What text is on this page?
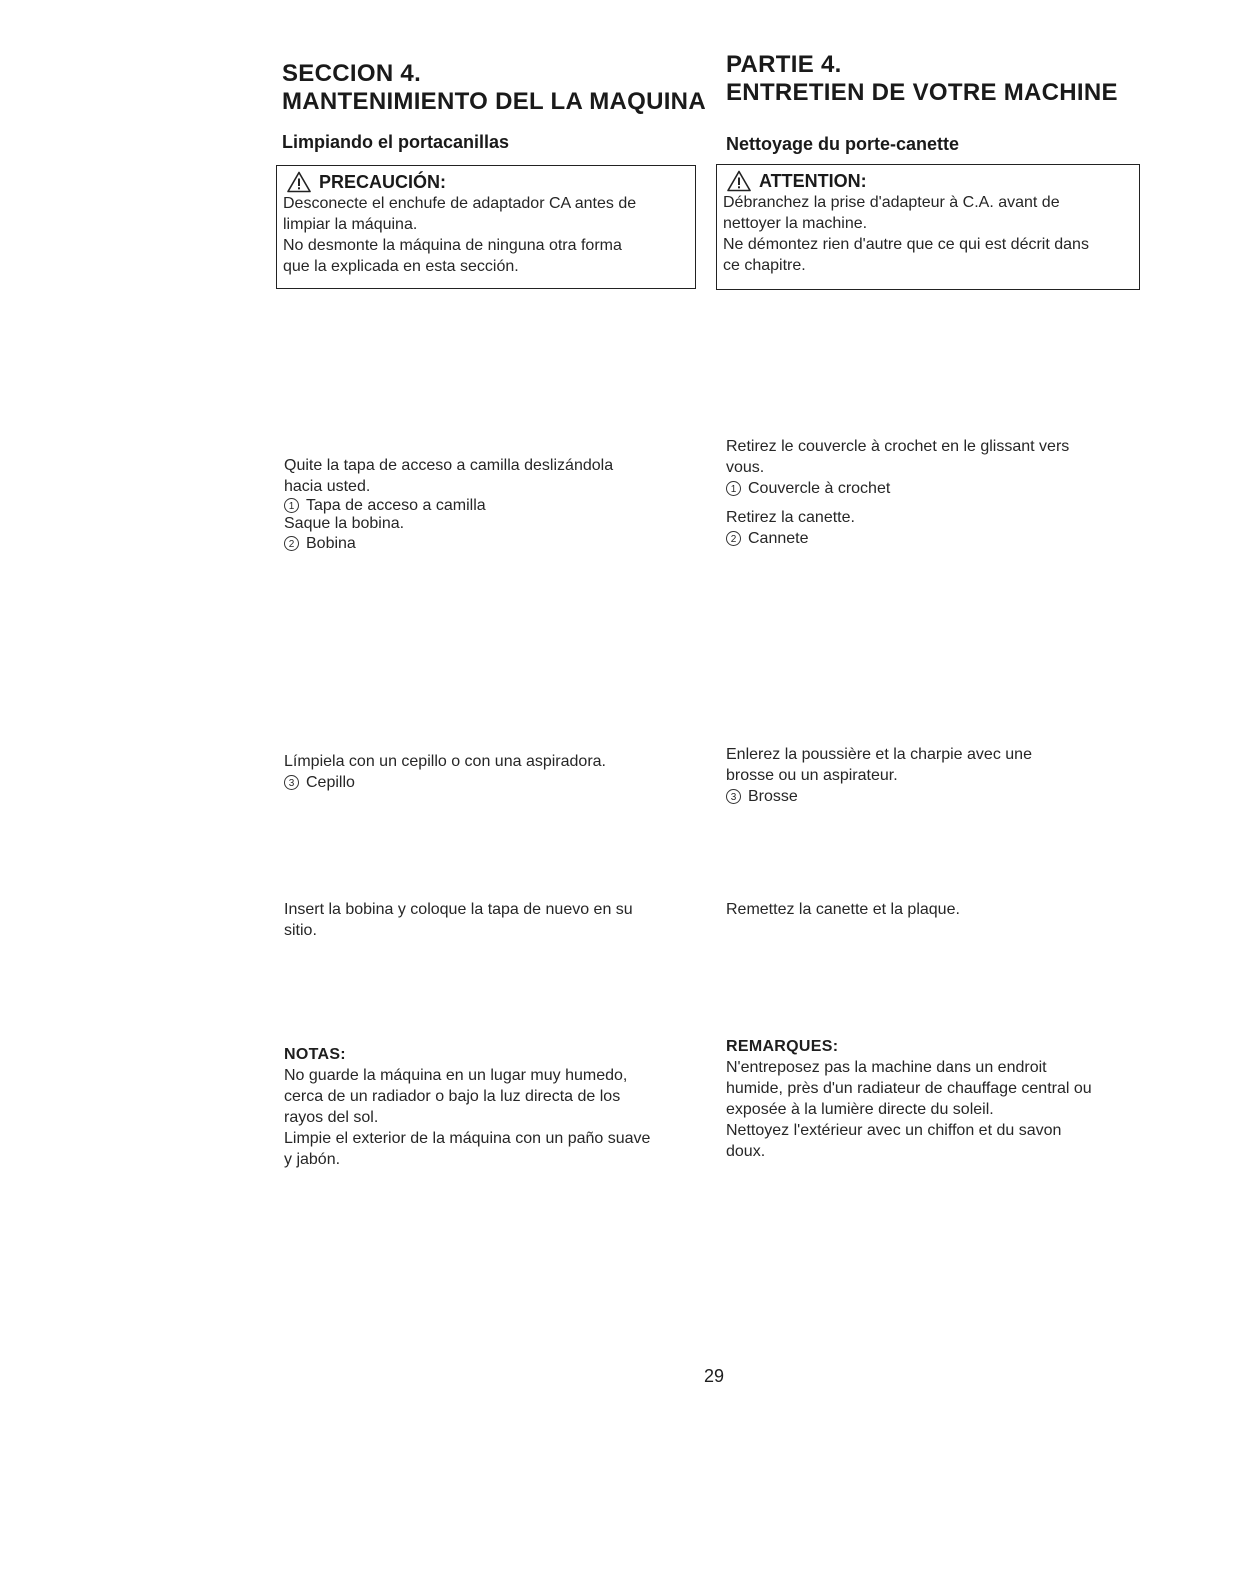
SECCION 4.
MANTENIMIENTO DEL LA MAQUINA
Limpiando el portacanillas
PRECAUCIÓN:
Desconecte el enchufe de adaptador CA antes de
limpiar la máquina.
No desmonte la máquina de ninguna otra forma
que la explicada en esta sección.
Quite la tapa de acceso a camilla deslizándola
hacia usted.
1 Tapa de acceso a camilla
Saque la bobina.
2 Bobina
Límpiela con un cepillo o con una aspiradora.
3 Cepillo
Insert la bobina y coloque la tapa de nuevo en su
sitio.
NOTAS:
No guarde la máquina en un lugar muy humedo,
cerca de un radiador o bajo la luz directa de los
rayos del sol.
Limpie el exterior de la máquina con un paño suave
y jabón.
PARTIE 4.
ENTRETIEN DE VOTRE MACHINE
Nettoyage du porte-canette
ATTENTION:
Débranchez la prise d'adapteur à C.A. avant de
nettoyer la machine.
Ne démontez rien d'autre que ce qui est décrit dans
ce chapitre.
Retirez le couvercle à crochet en le glissant vers
vous.
1 Couvercle à crochet
Retirez la canette.
2 Cannete
Enlerez la poussière et la charpie avec une
brosse ou un aspirateur.
3 Brosse
Remettez la canette et la plaque.
REMARQUES:
N'entreposez pas la machine dans un endroit
humide, près d'un radiateur de chauffage central ou
exposée à la lumière directe du soleil.
Nettoyez l'extérieur avec un chiffon et du savon
doux.
29
